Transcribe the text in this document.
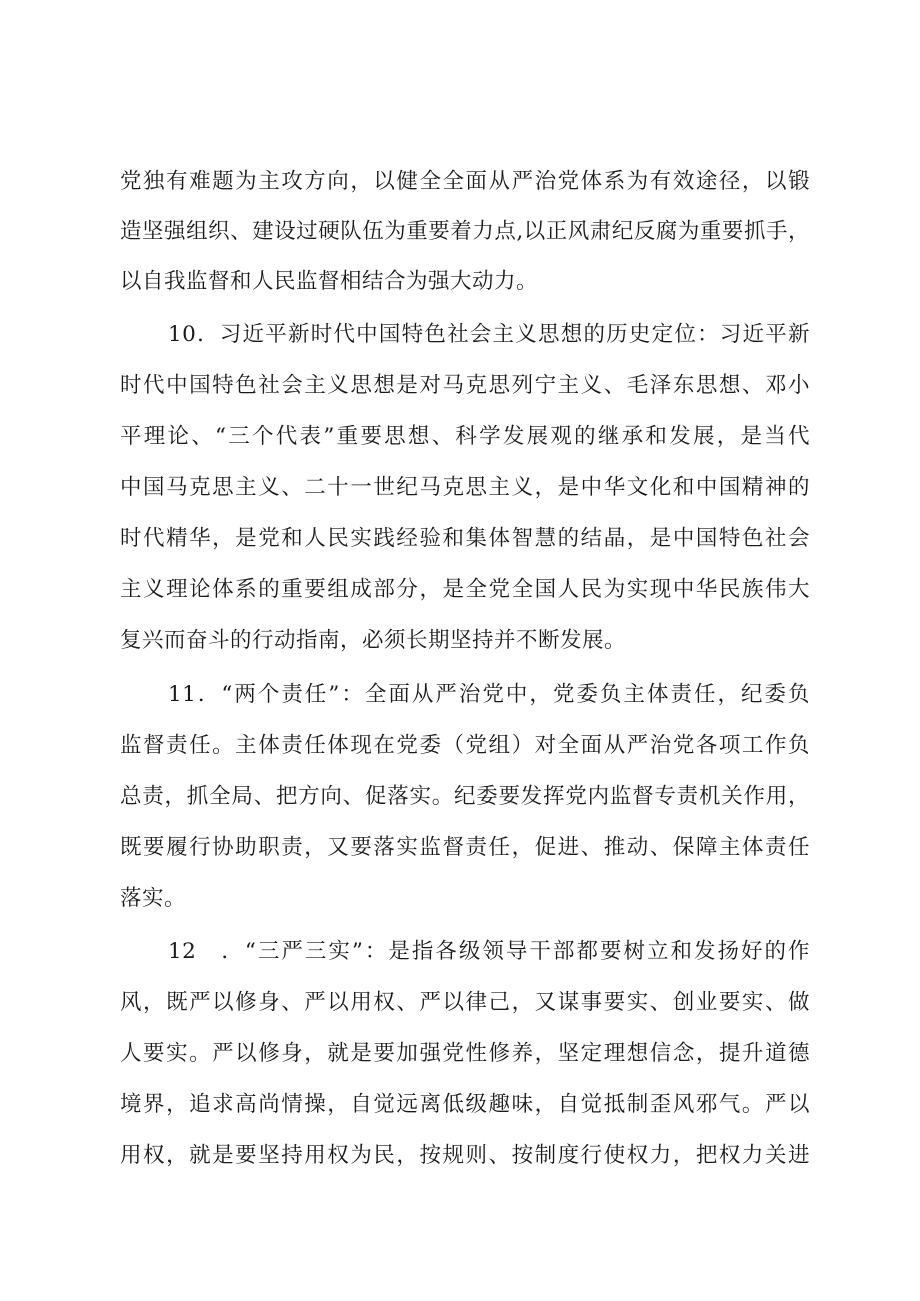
党独有难题为主攻方向，以健全全面从严治党体系为有效途径，以锻
造坚强组织、建设过硬队伍为重要着力点,以正风肃纪反腐为重要抓手，
以自我监督和人民监督相结合为强大动力。
10．习近平新时代中国特色社会主义思想的历史定位：习近平新
时代中国特色社会主义思想是对马克思列宁主义、毛泽东思想、邓小
平理论、“三个代表”重要思想、科学发展观的继承和发展，是当代
中国马克思主义、二十一世纪马克思主义，是中华文化和中国精神的
时代精华，是党和人民实践经验和集体智慧的结晶，是中国特色社会
主义理论体系的重要组成部分，是全党全国人民为实现中华民族伟大
复兴而奋斗的行动指南，必须长期坚持并不断发展。
11．“两个责任”：全面从严治党中，党委负主体责任，纪委负
监督责任。主体责任体现在党委（党组）对全面从严治党各项工作负
总责，抓全局、把方向、促落实。纪委要发挥党内监督专责机关作用，
既要履行协助职责，又要落实监督责任，促进、推动、保障主体责任
落实。
12　．“三严三实”：是指各级领导干部都要树立和发扬好的作
风，既严以修身、严以用权、严以律己，又谋事要实、创业要实、做
人要实。严以修身，就是要加强党性修养，坚定理想信念，提升道德
境界，追求高尚情操，自觉远离低级趣味，自觉抵制歪风邪气。严以
用权，就是要坚持用权为民，按规则、按制度行使权力，把权力关进
